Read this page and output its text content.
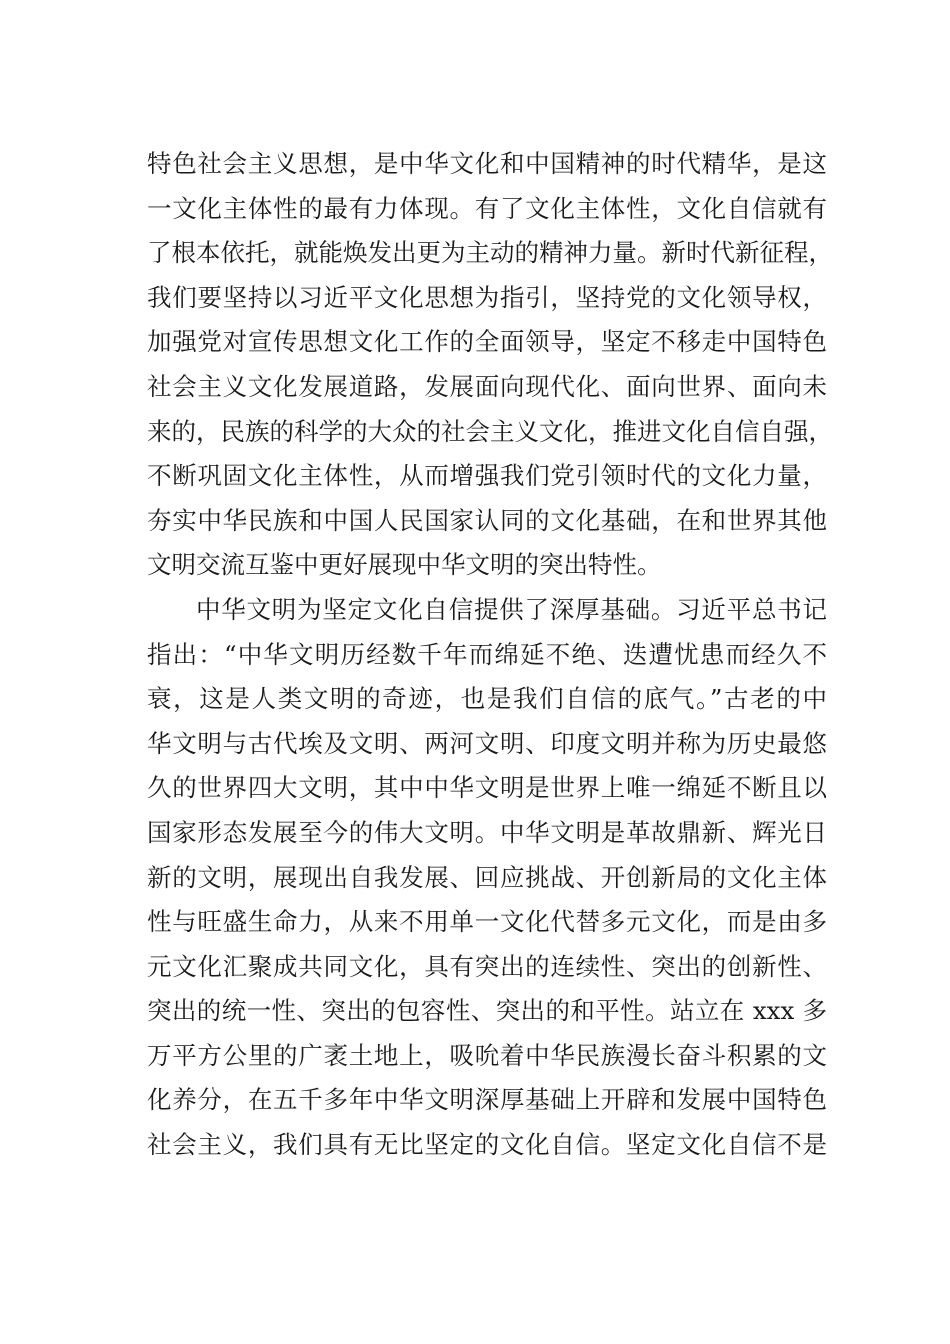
特色社会主义思想，是中华文化和中国精神的时代精华，是这
一文化主体性的最有力体现。有了文化主体性，文化自信就有
了根本依托，就能焕发出更为主动的精神力量。新时代新征程，
我们要坚持以习近平文化思想为指引，坚持党的文化领导权，
加强党对宣传思想文化工作的全面领导，坚定不移走中国特色
社会主义文化发展道路，发展面向现代化、面向世界、面向未
来的，民族的科学的大众的社会主义文化，推进文化自信自强，
不断巩固文化主体性，从而增强我们党引领时代的文化力量，
夯实中华民族和中国人民国家认同的文化基础，在和世界其他
文明交流互鉴中更好展现中华文明的突出特性。
中华文明为坚定文化自信提供了深厚基础。习近平总书记
指出：“中华文明历经数千年而绵延不绝、迭遭忧患而经久不
衰，这是人类文明的奇迹，也是我们自信的底气。”古老的中
华文明与古代埃及文明、两河文明、印度文明并称为历史最悠
久的世界四大文明，其中中华文明是世界上唯一绵延不断且以
国家形态发展至今的伟大文明。中华文明是革故鼎新、辉光日
新的文明，展现出自我发展、回应挑战、开创新局的文化主体
性与旺盛生命力，从来不用单一文化代替多元文化，而是由多
元文化汇聚成共同文化，具有突出的连续性、突出的创新性、
突出的统一性、突出的包容性、突出的和平性。站立在 xxx 多
万平方公里的广袤土地上，吸吮着中华民族漫长奋斗积累的文
化养分，在五千多年中华文明深厚基础上开辟和发展中国特色
社会主义，我们具有无比坚定的文化自信。坚定文化自信不是
